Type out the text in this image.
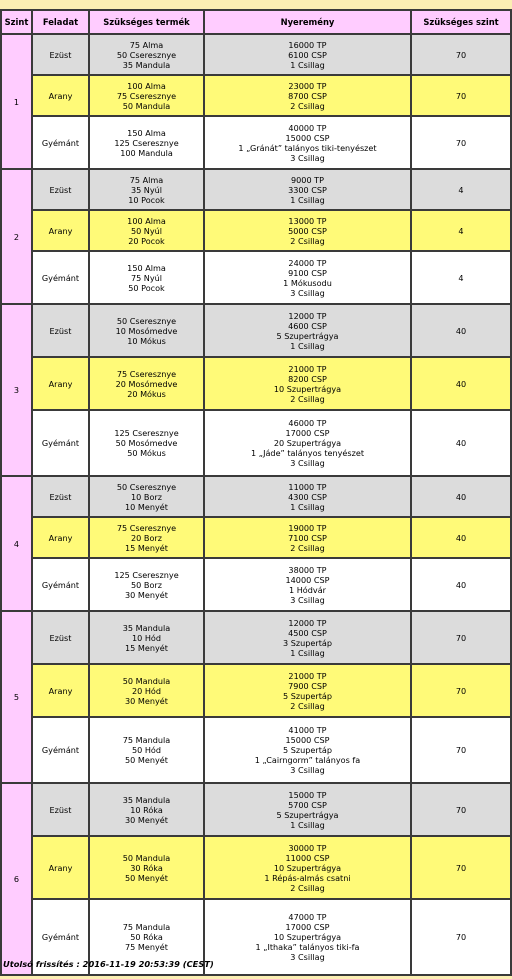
Szint	Feladat	Szükséges termék	Nyeremény	Szükséges szint
1	Ezüst	75 Alma
50 Cseresznye
35 Mandula	16000 TP
6100 CSP
1 Csillag	70

	Arany	100 Alma
75 Cseresznye
50 Mandula	23000 TP
8700 CSP
2 Csillag	70

	Gyémánt	150 Alma
125 Cseresznye
100 Mandula	40000 TP
15000 CSP
1 „Gránát” talányos tiki-tenyészet
3 Csillag	70

2	Ezüst	75 Alma
35 Nyúl
10 Pocok	9000 TP
3300 CSP
1 Csillag	4

	Arany	100 Alma
50 Nyúl
20 Pocok	13000 TP
5000 CSP
2 Csillag	4

	Gyémánt	150 Alma
75 Nyúl
50 Pocok	24000 TP
9100 CSP
1 Mókusodu
3 Csillag	4

3	Ezüst	50 Cseresznye
10 Mosómedve
10 Mókus	12000 TP
4600 CSP
5 Szupertrágya
1 Csillag	40

	Arany	75 Cseresznye
20 Mosómedve
20 Mókus	21000 TP
8200 CSP
10 Szupertrágya
2 Csillag	40

	Gyémánt	125 Cseresznye
50 Mosómedve
50 Mókus	46000 TP
17000 CSP
20 Szupertrágya
1 „Jáde” talányos tenyészet
3 Csillag	40

4	Ezüst	50 Cseresznye
10 Borz
10 Menyét	11000 TP
4300 CSP
1 Csillag	40

	Arany	75 Cseresznye
20 Borz
15 Menyét	19000 TP
7100 CSP
2 Csillag	40

	Gyémánt	125 Cseresznye
50 Borz
30 Menyét	38000 TP
14000 CSP
1 Hódvár
3 Csillag	40

5	Ezüst	35 Mandula
10 Hód
15 Menyét	12000 TP
4500 CSP
3 Szupertáp
1 Csillag	70

	Arany	50 Mandula
20 Hód
30 Menyét	21000 TP
7900 CSP
5 Szupertáp
2 Csillag	70

	Gyémánt	75 Mandula
50 Hód
50 Menyét	41000 TP
15000 CSP
5 Szupertáp
1 „Cairngorm” talányos fa
3 Csillag	70

6	Ezüst	35 Mandula
10 Róka
30 Menyét	15000 TP
5700 CSP
5 Szupertrágya
1 Csillag	70

	Arany	50 Mandula
30 Róka
50 Menyét	30000 TP
11000 CSP
10 Szupertrágya
1 Répás-almás csatni
2 Csillag	70

	Gyémánt	75 Mandula
50 Róka
75 Menyét	47000 TP
17000 CSP
10 Szupertrágya
1 „Ithaka” talányos tiki-fa
3 Csillag	70
Utolsó frissítés : 2016-11-19 20:53:39 (CEST)
